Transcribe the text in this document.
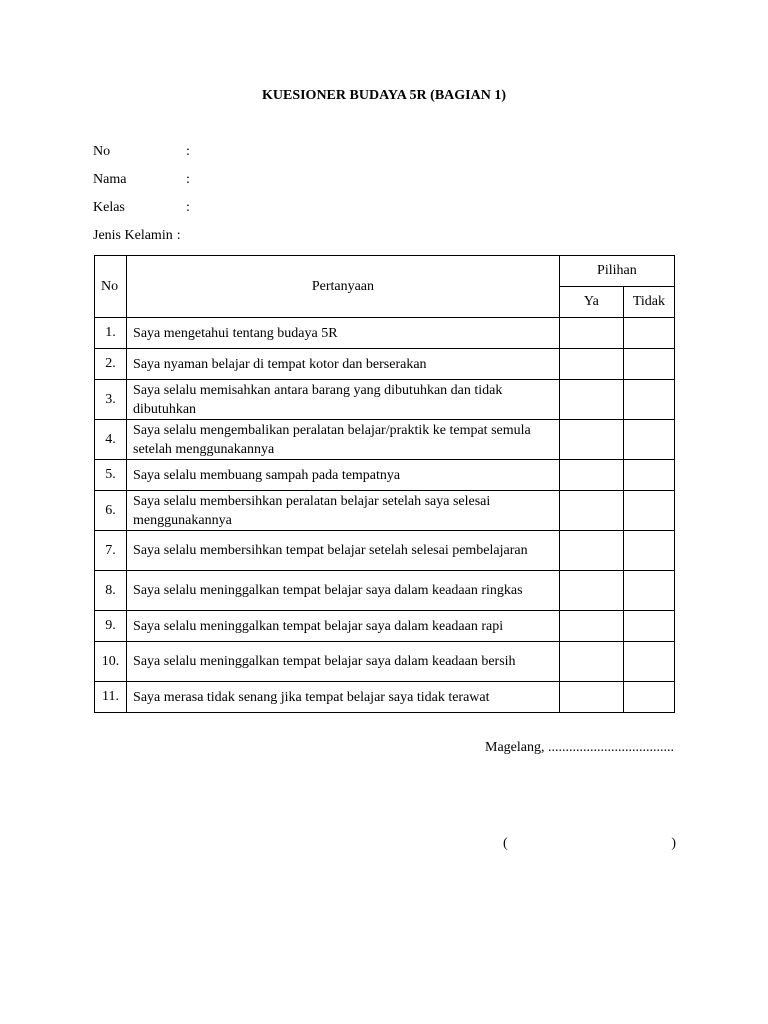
KUESIONER BUDAYA 5R (BAGIAN 1)
No	:
Nama	:
Kelas	:
Jenis Kelamin :
No	Pertanyaan	Pilihan	
		Ya	Tidak
1.	Saya mengetahui tentang budaya 5R		
2.	Saya nyaman belajar di tempat kotor dan berserakan		
3.	Saya selalu memisahkan antara barang yang dibutuhkan dan tidak dibutuhkan		
4.	Saya selalu mengembalikan peralatan belajar/praktik ke tempat semula setelah menggunakannya		
5.	Saya selalu membuang sampah pada tempatnya		
6.	Saya selalu membersihkan peralatan belajar setelah saya selesai menggunakannya		
7.	Saya selalu membersihkan tempat belajar setelah selesai pembelajaran		
8.	Saya selalu meninggalkan tempat belajar saya dalam keadaan ringkas		
9.	Saya selalu meninggalkan tempat belajar saya dalam keadaan rapi		
10.	Saya selalu meninggalkan tempat belajar saya dalam keadaan bersih		
11.	Saya merasa tidak senang jika tempat belajar saya tidak terawat		
Magelang, ....................................
(	)
